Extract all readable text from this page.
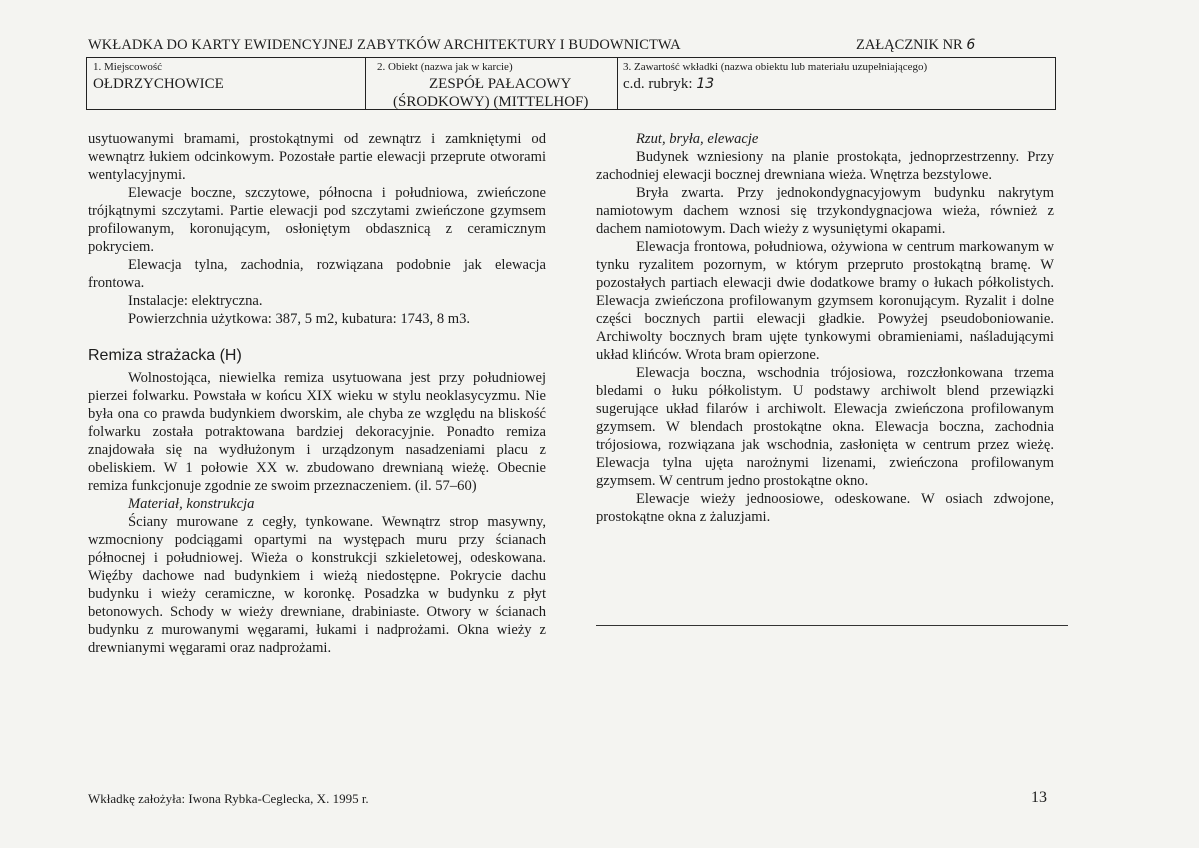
WKŁADKA DO KARTY EWIDENCYJNEJ ZABYTKÓW ARCHITEKTURY I BUDOWNICTWA	ZAŁĄCZNIK NR 6
1. Miejscowość
OŁDRZYCHOWICE
2. Obiekt (nazwa jak w karcie)
ZESPÓŁ PAŁACOWY
(ŚRODKOWY) (MITTELHOF)
3. Zawartość wkładki (nazwa obiektu lub materiału uzupełniającego)
c.d. rubryk: 13

usytuowanymi bramami, prostokątnymi od zewnątrz i zamkniętymi od wewnątrz łukiem odcinkowym. Pozostałe partie elewacji przeprute otworami wentylacyjnymi.

Elewacje boczne, szczytowe, północna i południowa, zwieńczone trójkątnymi szczytami. Partie elewacji pod szczytami zwieńczone gzymsem profilowanym, koronującym, osłoniętym obdasznicą z ceramicznym pokryciem.

Elewacja tylna, zachodnia, rozwiązana podobnie jak elewacja frontowa.

Instalacje: elektryczna.

Powierzchnia użytkowa: 387, 5 m2, kubatura: 1743, 8 m3.

Remiza strażacka (H)

Wolnostojąca, niewielka remiza usytuowana jest przy południowej pierzei folwarku. Powstała w końcu XIX wieku w stylu neoklasycyzmu. Nie była ona co prawda budynkiem dworskim, ale chyba ze względu na bliskość folwarku została potraktowana bardziej dekoracyjnie. Ponadto remiza znajdowała się na wydłużonym i urządzonym nasadzeniami placu z obeliskiem. W 1 połowie XX w. zbudowano drewnianą wieżę. Obecnie remiza funkcjonuje zgodnie ze swoim przeznaczeniem. (il. 57–60)

Materiał, konstrukcja

Ściany murowane z cegły, tynkowane. Wewnątrz strop masywny, wzmocniony podciągami opartymi na występach muru przy ścianach północnej i południowej. Wieża o konstrukcji szkieletowej, odeskowana. Więźby dachowe nad budynkiem i wieżą niedostępne. Pokrycie dachu budynku i wieży ceramiczne, w koronkę. Posadzka w budynku z płyt betonowych. Schody w wieży drewniane, drabiniaste. Otwory w ścianach budynku z murowanymi węgarami, łukami i nadprożami. Okna wieży z drewnianymi węgarami oraz nadprożami.

Rzut, bryła, elewacje

Budynek wzniesiony na planie prostokąta, jednoprzestrzenny. Przy zachodniej elewacji bocznej drewniana wieża. Wnętrza bezstylowe.

Bryła zwarta. Przy jednokondygnacyjowym budynku nakrytym namiotowym dachem wznosi się trzykondygnacjowa wieża, również z dachem namiotowym. Dach wieży z wysuniętymi okapami.

Elewacja frontowa, południowa, ożywiona w centrum markowanym w tynku ryzalitem pozornym, w którym przepruto prostokątną bramę. W pozostałych partiach elewacji dwie dodatkowe bramy o łukach półkolistych. Elewacja zwieńczona profilowanym gzymsem koronującym. Ryzalit i dolne części bocznych partii elewacji gładkie. Powyżej pseudoboniowanie. Archiwolty bocznych bram ujęte tynkowymi obramieniami, naśladującymi układ klińców. Wrota bram opierzone.

Elewacja boczna, wschodnia trójosiowa, rozczłonkowana trzema bledami o łuku półkolistym. U podstawy archiwolt blend przewiązki sugerujące układ filarów i archiwolt. Elewacja zwieńczona profilowanym gzymsem. W blendach prostokątne okna. Elewacja boczna, zachodnia trójosiowa, rozwiązana jak wschodnia, zasłonięta w centrum przez wieżę. Elewacja tylna ujęta narożnymi lizenami, zwieńczona profilowanym gzymsem. W centrum jedno prostokątne okno.

Elewacje wieży jednoosiowe, odeskowane. W osiach zdwojone, prostokątne okna z żaluzjami.

Wkładkę założyła: Iwona Rybka-Ceglecka, X. 1995 r.	13
